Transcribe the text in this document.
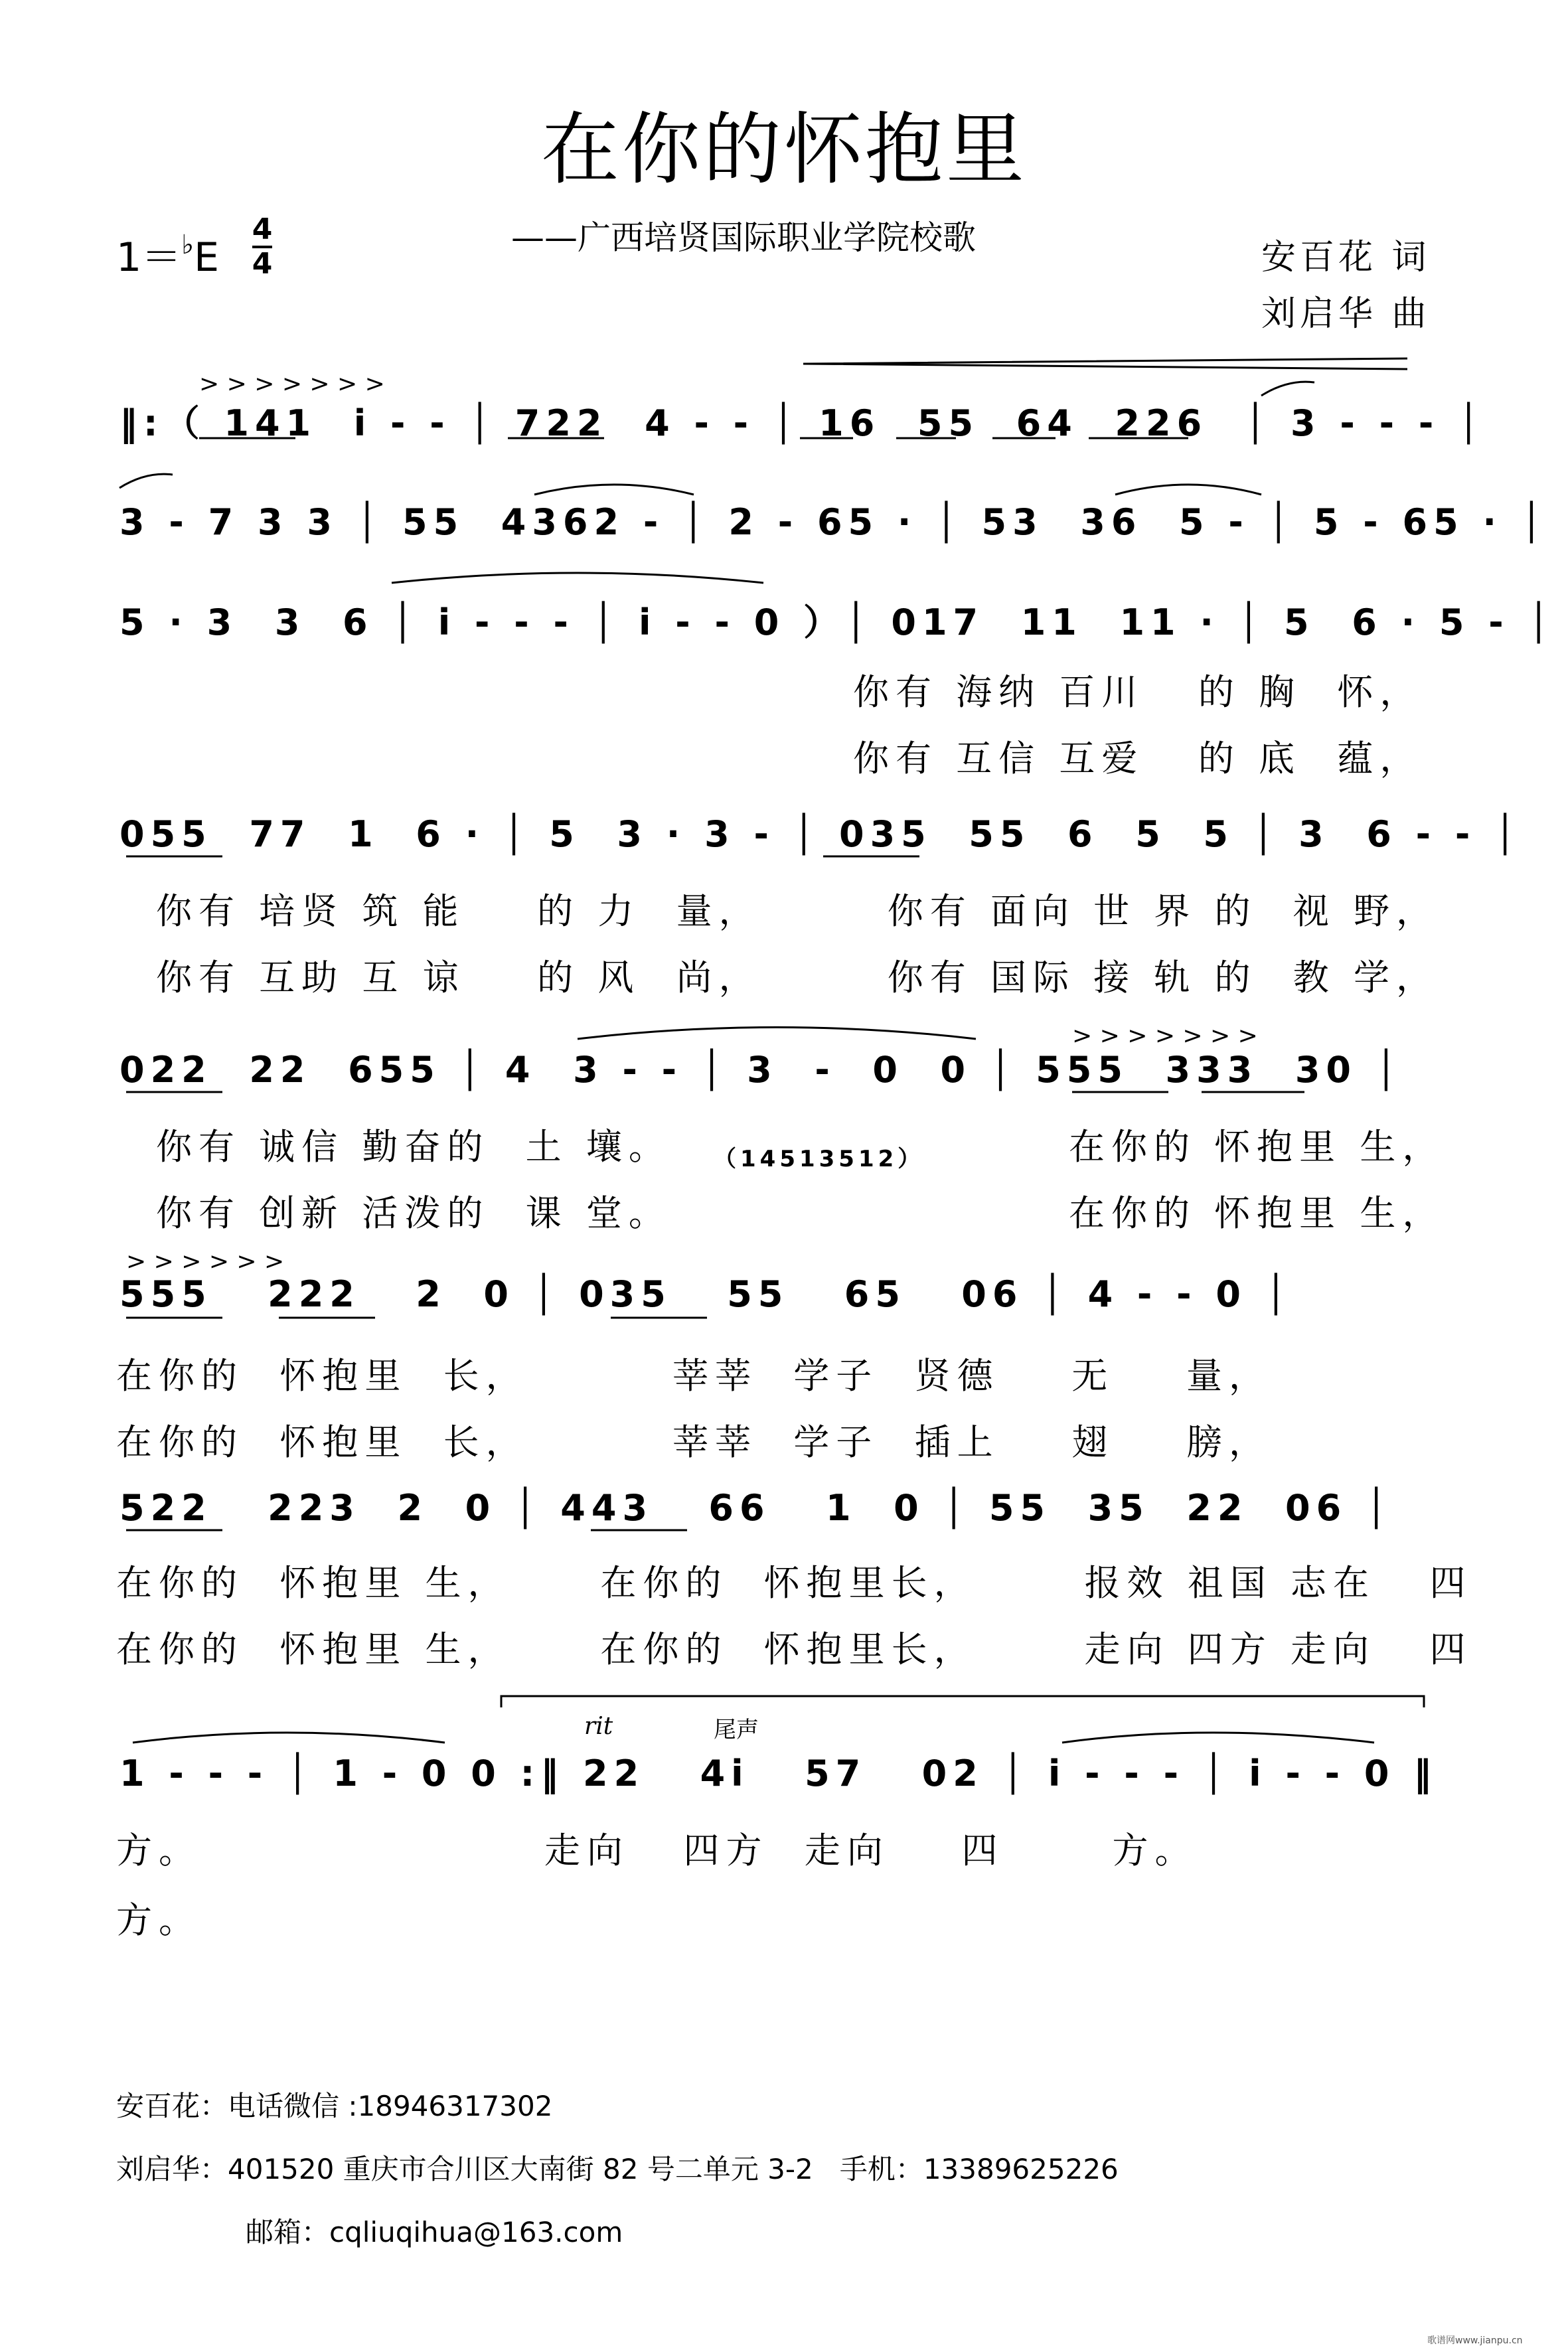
在你的怀抱里
——广西培贤国际职业学院校歌	安百花 词
刘启华 曲
1＝♭E
4
4
‖:（ 141  i - - │ 722  4 - - │ 16  55  64  226  │ 3 - - - │
3 - 7 3 3 │ 55  4362 - │ 2 - 65 · │ 53  36  5 - │ 5 - 65 · │
5 · 3  3  6 │ i - - - │ i - - 0 ）│ 017  11  11 · │ 5  6 · 5 - │
你有 海纳 百川   的 胸  怀，
你有 互信 互爱   的 底  蕴，
055  77  1  6 · │ 5  3 · 3 - │ 035  55  6  5  5 │ 3  6 - - │
你有 培贤 筑 能    的 力  量，       你有 面向 世 界 的  视 野，
你有 互助 互 谅    的 风  尚，       你有 国际 接 轨 的  教 学，
022  22  655 │ 4  3 - - │ 3  -  0  0 │ 555  333  30 │
你有 诚信 勤奋的  土 壤。
你有 创新 活泼的  课 堂。
（14513512）	在你的 怀抱里 生，
在你的 怀抱里 生，
555   222   2  0 │ 035   55   65   06 │ 4 - - 0 │
在你的  怀抱里  长，        莘莘  学子  贤德    无    量，
在你的  怀抱里  长，        莘莘  学子  插上    翅    膀，
522   223  2  0 │ 443   66   1  0 │ 55  35  22  06 │
在你的  怀抱里 生，     在你的  怀抱里长，      报效 祖国 志在   四
在你的  怀抱里 生，     在你的  怀抱里长，      走向 四方 走向   四
rit	尾声
1 - - - │ 1 - 0 0 :‖ 22   4i   57   02 │ i - - - │ i - - 0 ‖
方。
方。
走向   四方  走向    四      方。
安百花：电话微信 :18946317302
刘启华：401520 重庆市合川区大南街 82 号二单元 3-2   手机：13389625226
邮箱：cqliuqihua@163.com
歌谱网www.jianpu.cn
> > > > > > >
> > > > > > >
> > > > > >
